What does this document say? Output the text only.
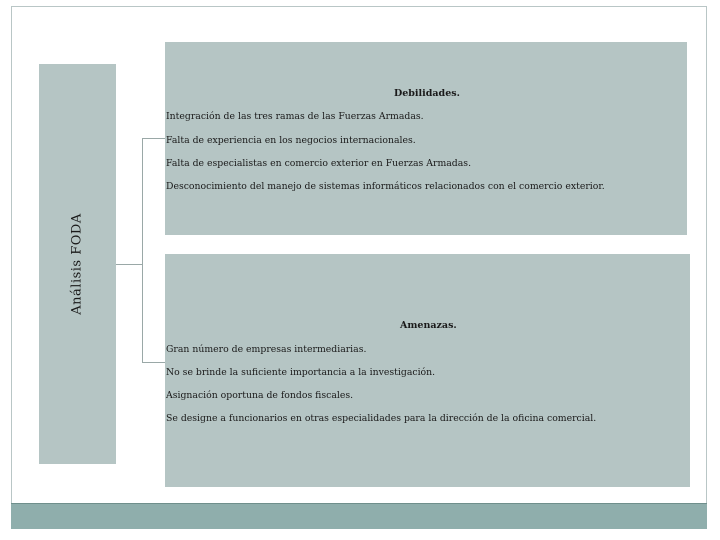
Análisis FODA
Debilidades.
Integración de las tres ramas de las Fuerzas Armadas.
Falta de experiencia en los negocios internacionales.
Falta de especialistas en comercio exterior en Fuerzas Armadas.
Desconocimiento del manejo de sistemas informáticos relacionados con el comercio exterior.
Amenazas.
Gran número de empresas intermediarias.
No se brinde la suficiente importancia a la investigación.
Asignación oportuna de fondos fiscales.
Se designe a funcionarios en otras especialidades para la dirección de la oficina comercial.
